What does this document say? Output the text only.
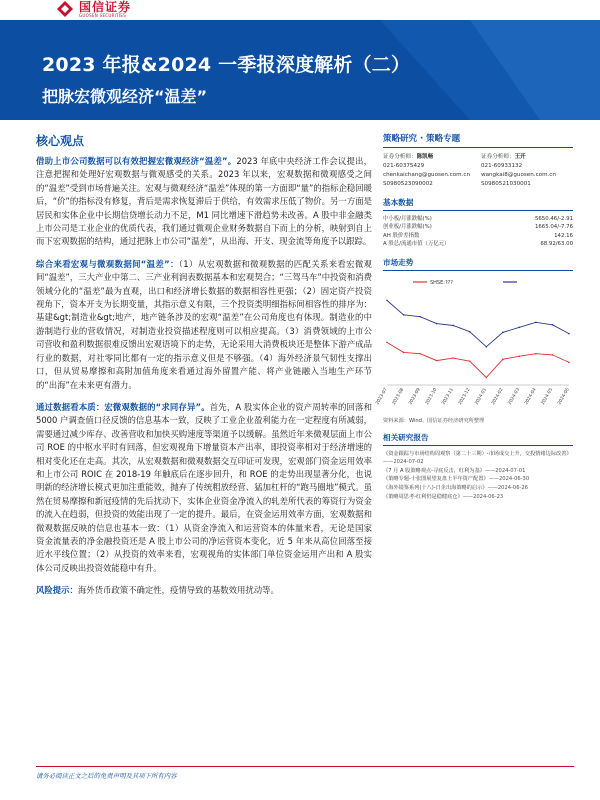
国信证券
GUOSEN SECURITIES
2023 年报&2024 一季报深度解析（二）
把脉宏微观经济“温差”
核心观点

借助上市公司数据可以有效把握宏微观经济“温差”。2023 年底中央经济工作会议提出，注意把握和处理好宏观数据与微观感受的关系。2023 年以来，宏观数据和微观感受之间的“温差”受到市场普遍关注。宏观与微观经济“温差”体现的第一方面即“量”的指标企稳回暖后，“价”的指标没有修复，背后是需求恢复滞后于供给，有效需求压低了物价。另一方面是居民和实体企业中长期信贷增长动力不足，M1 同比增速下滑趋势未改善。A 股中非金融类上市公司是工业企业的优质代表，我们通过微观企业财务数据自下而上的分析，映射到自上而下宏观数据的结构，通过把脉上市公司“温差”，从出海、开支、现金流等角度予以跟踪。

综合来看宏观与微观数据间“温差”：（1）从宏观数据和微观数据的匹配关系来看宏微观间“温差”，三大产业中第二、三产业利润表数据基本和宏观契合；“三驾马车”中投资和消费领域分化的“温差”最为直观，出口和经济增长数据的数据相容性更强；（2）固定资产投资视角下，资本开支为长期变量，其指示意义有限，三个投资类明细指标间相容性的排序为：基建&gt;制造业&gt;地产，地产链条涉及的宏观“温差”在公司角度也有体现。制造业的中游制造行业的营收情况，对制造业投资描述程度则可以相应提高。（3）消费领域的上市公司营收和盈利数据很难反馈出宏观语境下的走势，无论采用大消费板块还是整体下游产成品行业的数据，对社零同比都有一定的指示意义但是不够强。（4）海外经济景气韧性支撑出口，但从贸易摩擦和高附加值角度来看通过海外留置产能、将产业链融入当地生产环节的“出海”在未来更有潜力。

通过数据看本质：宏微观数据的“求同存异”。首先，A 股实体企业的资产周转率的回落和 5000 户调查值口径反馈的信息基本一致，反映了工业企业盈利能力在一定程度有所减弱，需要通过减少库存、改善营收和加快买购速度等渠道予以缓解。虽然近年来微观层面上市公司 ROE 的中枢水平时有回落，但宏观视角下增量资本产出率，即投资率相对于经济增速的相对变化还在走高。其次，从宏观数据和微观数据交互印证可发现，宏观部门资金运用效率和上市公司 ROIC 在 2018-19 年触底后在逐步回升，和 ROE 的走势出现显著分化，也说明新的经济增长模式更加注重能效，抛弃了传统粗放经营、猛加杠杆的“跑马圈地”模式。虽然在贸易摩擦和新冠疫情的先后扰动下，实体企业资金净流入的轧差所代表的筹资行为资金的流入在趋弱，但投资的效能出现了一定的提升。最后，在资金运用效率方面，宏观数据和微观数据反映的信息也基本一致：（1）从资金净流入和运营资本的体量来看，无论是国家资金流量表的净金融投资还是 A 股上市公司的净运营资本变化，近 5 年来从高位回落至接近水平线位置；（2）从投资的效率来看，宏观视角的实体部门单位资金运用产出和 A 股实体公司反映出投资效能稳中有升。

风险提示：海外货币政策不确定性，疫情导致的基数效用扰动等。

策略研究 · 策略专题
证券分析师：陈凯畅
021-60375429
chenkaichang@guosen.com.cn
S0980523090002
证券分析师：王开
021-60933132
wangkai8@guosen.com.cn
S0980521030001
基本数据
中小板/月涨跌幅(%)	5650.46/-2.91
创业板/月涨跌幅(%)	1665.04/-7.76
AH 股价差指数	142.16
A 股总/流通市值（万亿元）	68.92/63.00
市场走势
SHSE:???
2023-07 2023-08 2023-09 2023-10 2023-11 2023-12 2024-01 2024-02 2024-03 2024-04 2024-05 2024-06
资料来源：Wind、国信证券经济研究所整理
相关研究报告
《资金跟踪与市场结构周观察（第二十三期）-市场成交上升，交投情绪边际改善》——2024-07-02
《7 月 A 股策略观点-寻底反击，红利为基》——2024-07-01
《策略专题-十张图展望复盘上半年资产配置》——2024-06-30
《海外镜鉴系列(十八)-日企出海策略的启示》——2024-06-26
《策略周思考-红利仍是稳健底仓》——2024-06-23
请务必阅读正文之后的免责声明及其项下所有内容
